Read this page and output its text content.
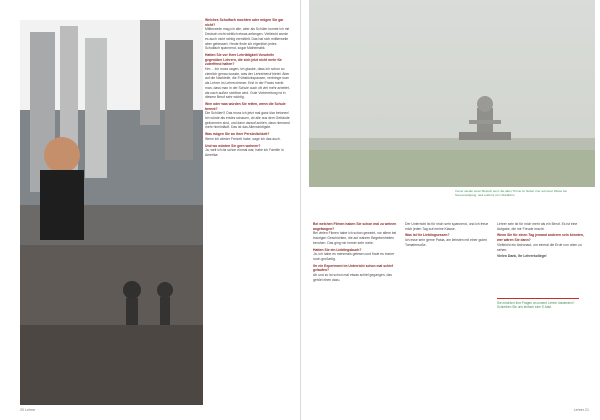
Welches Schulfach mochten oder mögen Sie gar nicht?
Mittlerweile mag ich alle, aber als Schüler konnte ich mit Deutsch nicht wirklich etwas anfangen. Vielleicht wurde es auch nicht richtig vermittelt. Das hat sich mittlerweile aber gebessert. Heute finde ich eigentlich jedes Schulfach spannend, sogar Mathematik.
Hatten Sie vor Ihrer Lehrtätigkeit Vorurteile gegenüber Lehrern, die sich jetzt nicht mehr für zutreffend halten?
Hm… Ich muss sagen, ich glaube, dass ich schon so ziemlich genau wusste, was der Lehrerberuf bietet. Aber auf die Nachteile, die Frühstückspausen, verbringe man als Lehrer im Lehrerzimmer. Erst in der Praxis merkt man, dass man in der Schule auch oft viel mehr arbeitet, als nach außen sichtbar wird. Gute Vorbereitung ist in diesem Beruf sehr wichtig.
Wen oder was würden Sie retten, wenn die Schule brennt?
Die Schüler!!! Das muss ich jetzt mal ganz klar betonen! Ich würde als erstes schauen, ob alle aus dem Gebäude gekommen sind, und dann darauf achten, dass niemand mehr hineinläuft. Das ist das Allerwichtigste.
Was mögen Sie an Ihrer Persönlichkeit?
Wenn ich wieder Freizeit habe, sage ich das auch.
Und wo würden Sie gern wohnen?
Ja, weil ich da schon einmal war, habe ich Familie in Amerika.
20 Lehrer
Immer wieder einen Besuch wert: die alten Türme im Nebel, hier auf einer Wiese bei Sonnenaufgang, weit entfernt vom Stadtlärm.
Bei welchen Filmen haben Sie schon mal zu weinen angefangen?
Bei vielen Filmen habe ich schon geweint, vor allem bei traurigen Geschichten, die auf wahren Begebenheiten beruhen. Das ging mir immer sehr nahe.
Hatten Sie ein Lieblingsbuch?
Ja, ich habe es mehrmals gelesen und finde es immer noch großartig.
Ihr ein Experiment im Unterricht schon mal schief gelaufen?
Ab und zu ist schon mal etwas schief gegangen, das gehört eben dazu.
Der Unterricht ist für mich sehr spannend, und ich freue mich jeden Tag auf meine Klasse.
Was ist Ihr Lieblingsessen?
Ich esse sehr gerne Pasta, am liebsten mit einer guten Tomatensoße.
Lehrer sein ist für mich mehr als ein Beruf. Es ist eine Aufgabe, die mir Freude macht.
Wenn Sie für einen Tag jemand anderen sein könnten, wer wären Sie dann?
Vielleicht ein Astronaut, um einmal die Erde von oben zu sehen.
Vielen Dank, Ihr Lehrerkollege!
Sie möchten Ihre Fragen an unsere Lehrer loswerden? Schreiben Sie uns einfach eine E-Mail.
Lehrer 21
